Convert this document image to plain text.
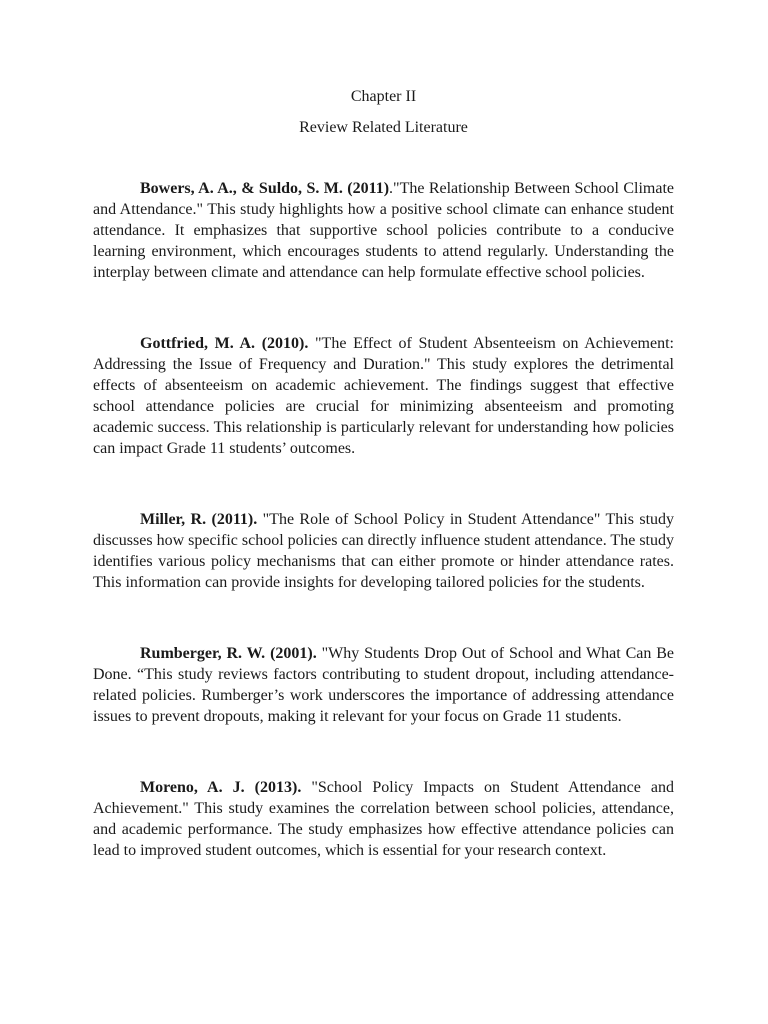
Chapter II

Review Related Literature

Bowers, A. A., & Suldo, S. M. (2011)."The Relationship Between School Climate and Attendance." This study highlights how a positive school climate can enhance student attendance. It emphasizes that supportive school policies contribute to a conducive learning environment, which encourages students to attend regularly. Understanding the interplay between climate and attendance can help formulate effective school policies.

Gottfried, M. A. (2010). "The Effect of Student Absenteeism on Achievement: Addressing the Issue of Frequency and Duration." This study explores the detrimental effects of absenteeism on academic achievement. The findings suggest that effective school attendance policies are crucial for minimizing absenteeism and promoting academic success. This relationship is particularly relevant for understanding how policies can impact Grade 11 students’ outcomes.

Miller, R. (2011). "The Role of School Policy in Student Attendance" This study discusses how specific school policies can directly influence student attendance. The study identifies various policy mechanisms that can either promote or hinder attendance rates. This information can provide insights for developing tailored policies for the students.

Rumberger, R. W. (2001). "Why Students Drop Out of School and What Can Be Done. “This study reviews factors contributing to student dropout, including attendance-related policies. Rumberger’s work underscores the importance of addressing attendance issues to prevent dropouts, making it relevant for your focus on Grade 11 students.

Moreno, A. J. (2013). "School Policy Impacts on Student Attendance and Achievement." This study examines the correlation between school policies, attendance, and academic performance. The study emphasizes how effective attendance policies can lead to improved student outcomes, which is essential for your research context.
